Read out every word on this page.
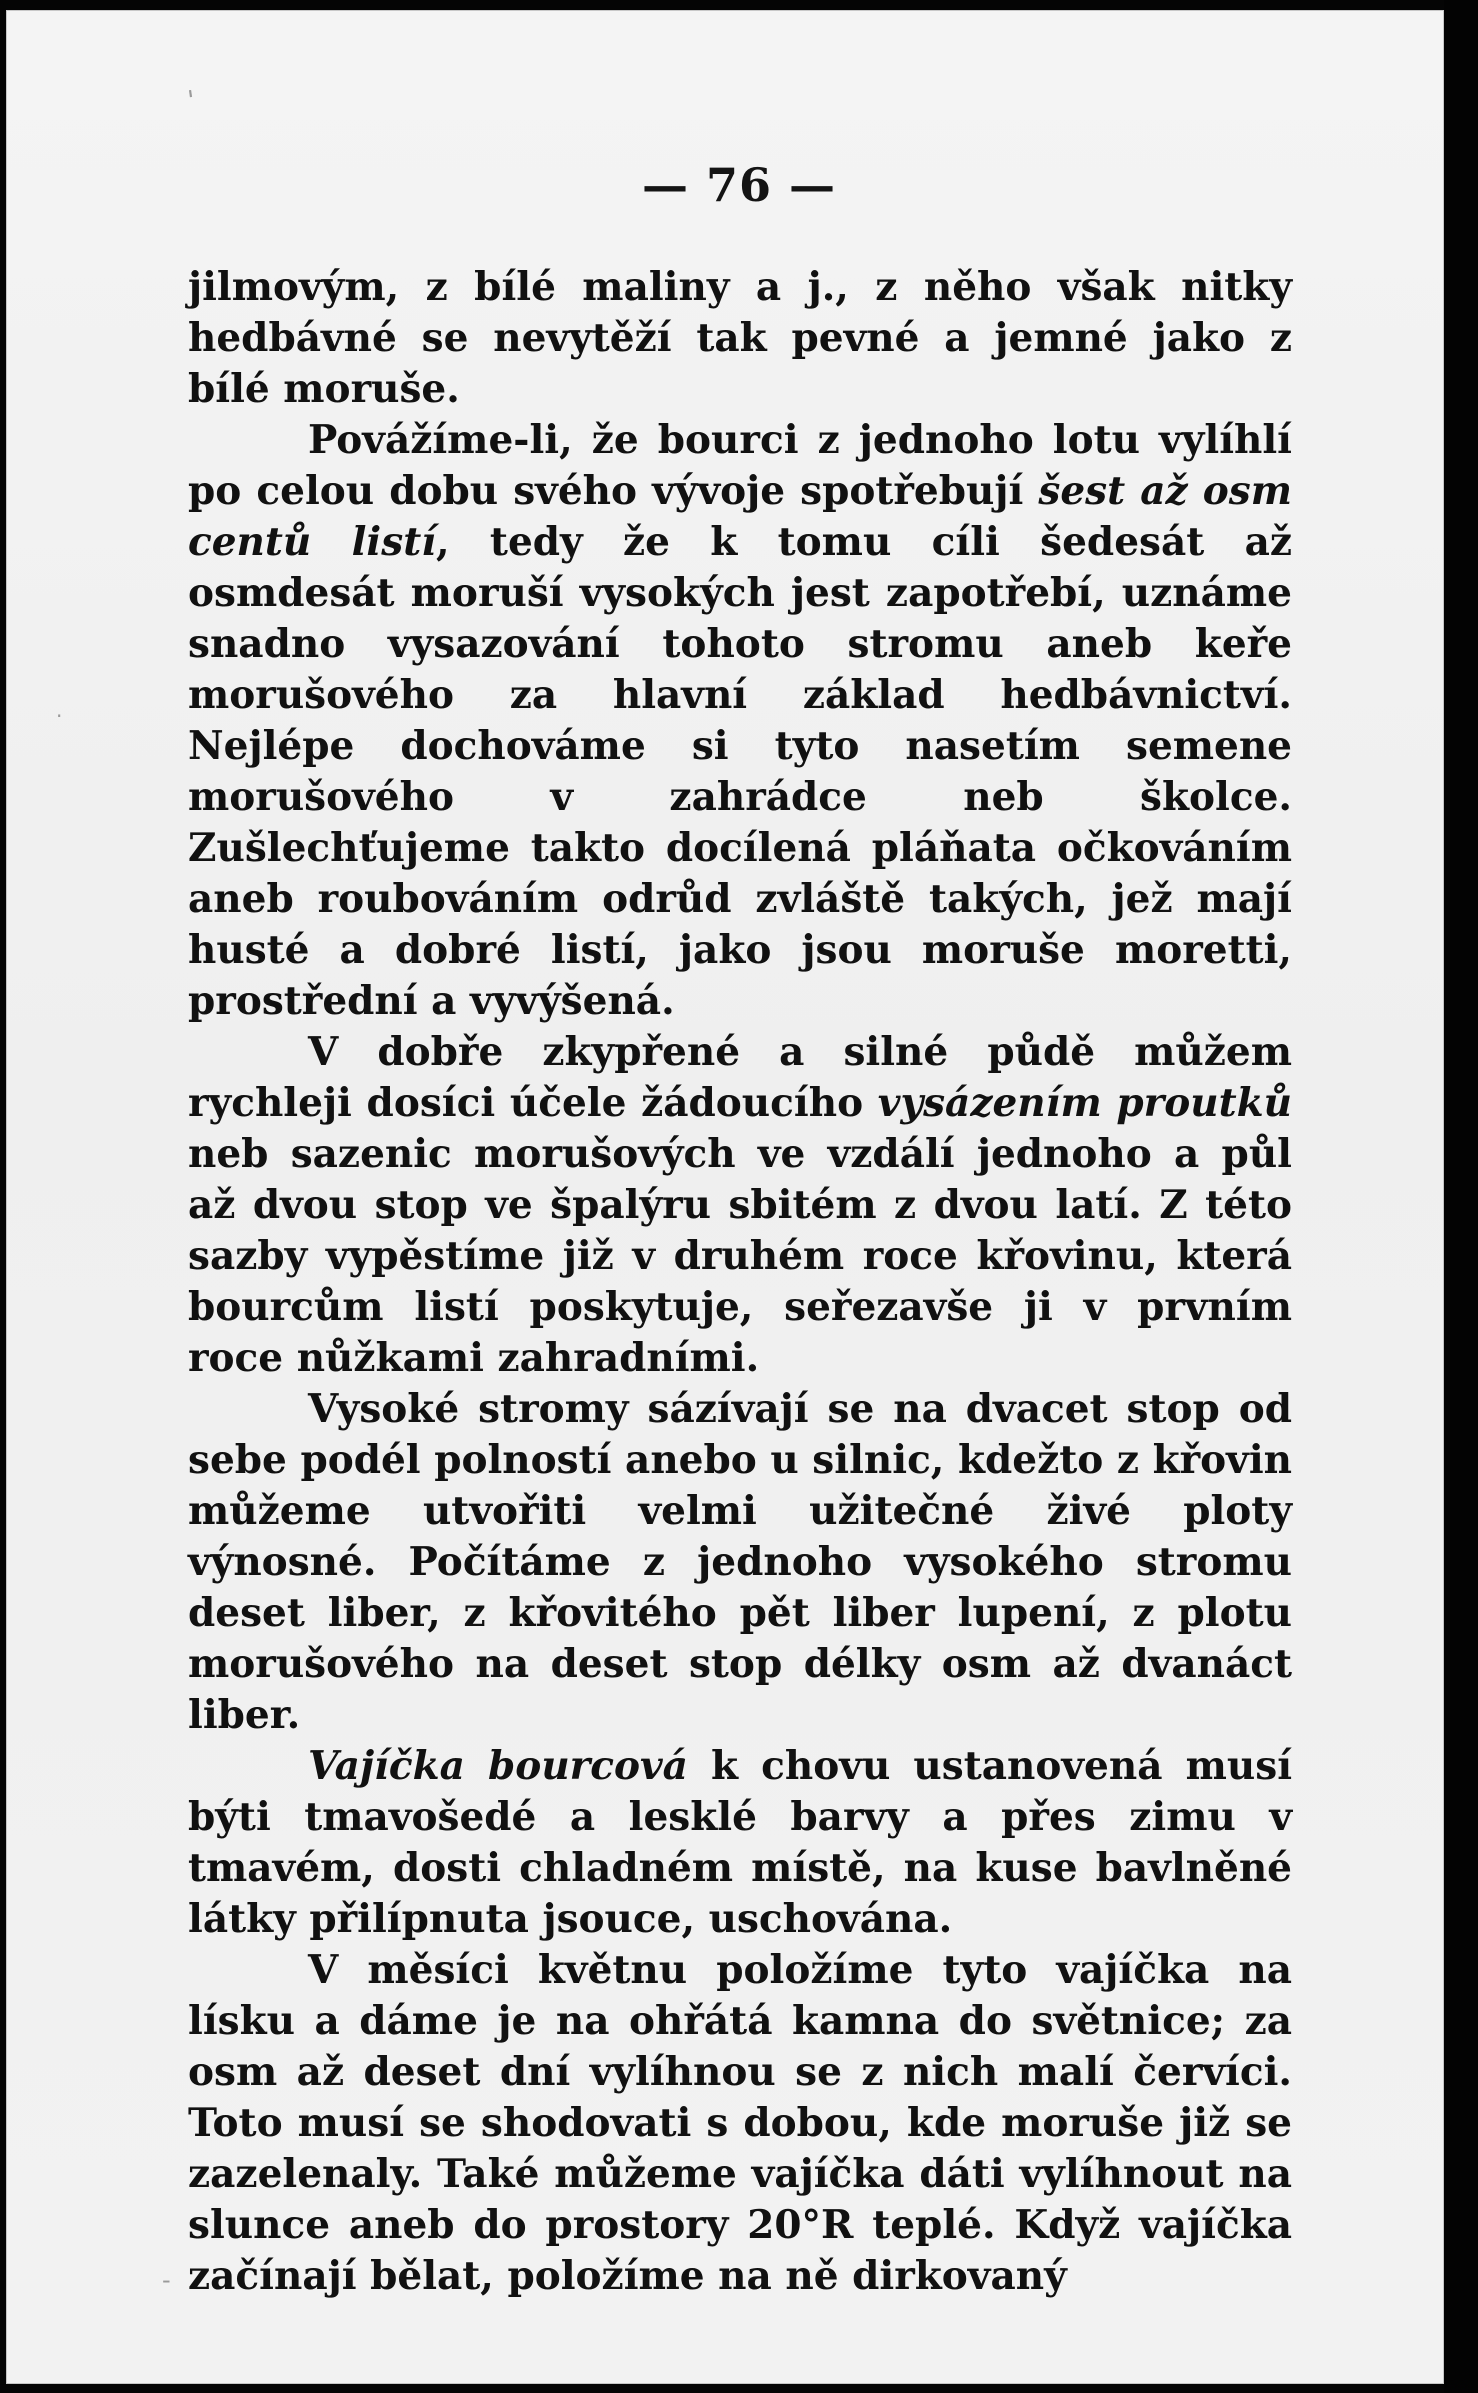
'
·
-
— 76 —

jilmovým, z bílé maliny a j., z něho však nitky hedbávné se nevytěží tak pevné a jemné jako z bílé moruše.

Povážíme-li, že bourci z jednoho lotu vylíhlí po celou dobu svého vývoje spotřebují šest až osm centů listí, tedy že k tomu cíli šedesát až osmdesát moruší vysokých jest zapotřebí, uznáme snadno vysazování tohoto stromu aneb keře morušového za hlavní základ hedbávnictví. Nejlépe dochováme si tyto nasetím semene morušového v zahrádce neb školce. Zušlechťujeme takto docílená pláňata očkováním aneb roubováním odrůd zvláště takých, jež mají husté a dobré listí, jako jsou moruše moretti, prostřední a vyvýšená.

V dobře zkypřené a silné půdě můžem rychleji dosíci účele žádoucího vysázením proutků neb sazenic morušových ve vzdálí jednoho a půl až dvou stop ve špalýru sbitém z dvou latí. Z této sazby vypěstíme již v druhém roce křovinu, která bourcům listí poskytuje, seřezavše ji v prvním roce nůžkami zahradními.

Vysoké stromy sázívají se na dvacet stop od sebe podél polností anebo u silnic, kdežto z křovin můžeme utvořiti velmi užitečné živé ploty výnosné. Počítáme z jednoho vysokého stromu deset liber, z křovitého pět liber lupení, z plotu morušového na deset stop délky osm až dvanáct liber.

Vajíčka bourcová k chovu ustanovená musí býti tmavošedé a lesklé barvy a přes zimu v tmavém, dosti chladném místě, na kuse bavlněné látky přilípnuta jsouce, uschována.

V měsíci květnu položíme tyto vajíčka na lísku a dáme je na ohřátá kamna do světnice; za osm až deset dní vylíhnou se z nich malí červíci. Toto musí se shodovati s dobou, kde moruše již se zazelenaly. Také můžeme vajíčka dáti vylíhnout na slunce aneb do prostory 20°R teplé. Když vajíčka začínají bělat, položíme na ně dirkovaný
